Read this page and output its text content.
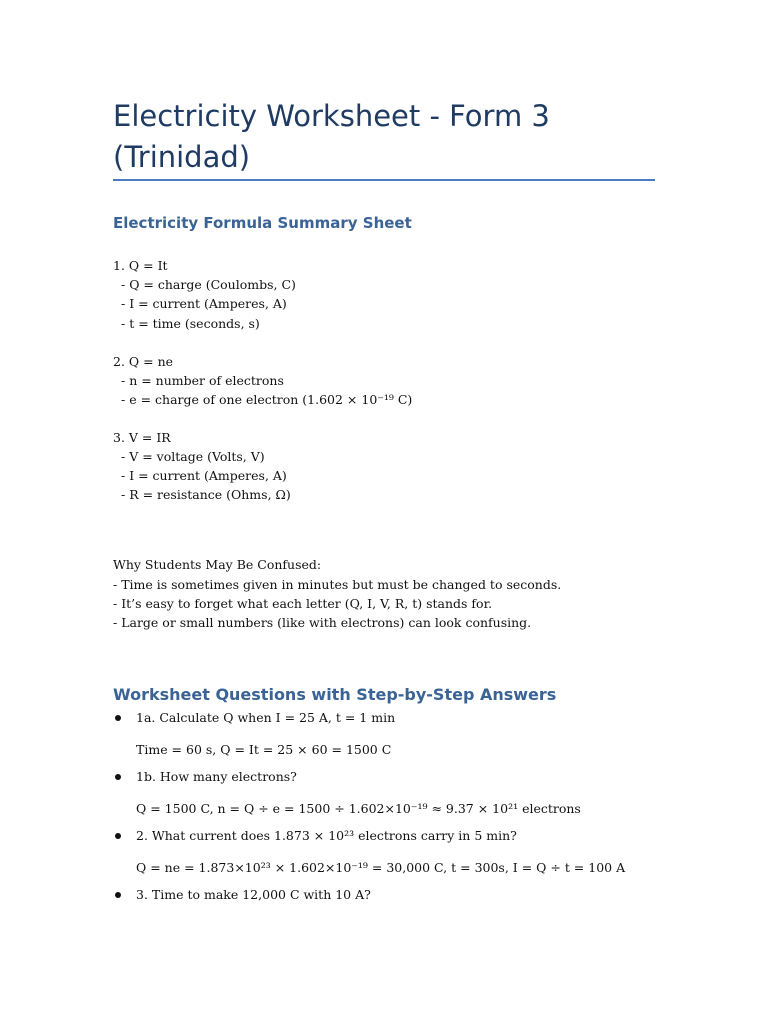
Electricity Worksheet - Form 3 (Trinidad)
Electricity Formula Summary Sheet

1. Q = It

- Q = charge (Coulombs, C)

- I = current (Amperes, A)

- t = time (seconds, s)

2. Q = ne

- n = number of electrons

- e = charge of one electron (1.602 × 10⁻¹⁹ C)

3. V = IR

- V = voltage (Volts, V)

- I = current (Amperes, A)

- R = resistance (Ohms, Ω)

Why Students May Be Confused:

- Time is sometimes given in minutes but must be changed to seconds.

- It’s easy to forget what each letter (Q, I, V, R, t) stands for.

- Large or small numbers (like with electrons) can look confusing.

Worksheet Questions with Step-by-Step Answers

1a. Calculate Q when I = 25 A, t = 1 min

Time = 60 s, Q = It = 25 × 60 = 1500 C

1b. How many electrons?

Q = 1500 C, n = Q ÷ e = 1500 ÷ 1.602×10⁻¹⁹ ≈ 9.37 × 10²¹ electrons

2. What current does 1.873 × 10²³ electrons carry in 5 min?

Q = ne = 1.873×10²³ × 1.602×10⁻¹⁹ = 30,000 C, t = 300s, I = Q ÷ t = 100 A

3. Time to make 12,000 C with 10 A?
